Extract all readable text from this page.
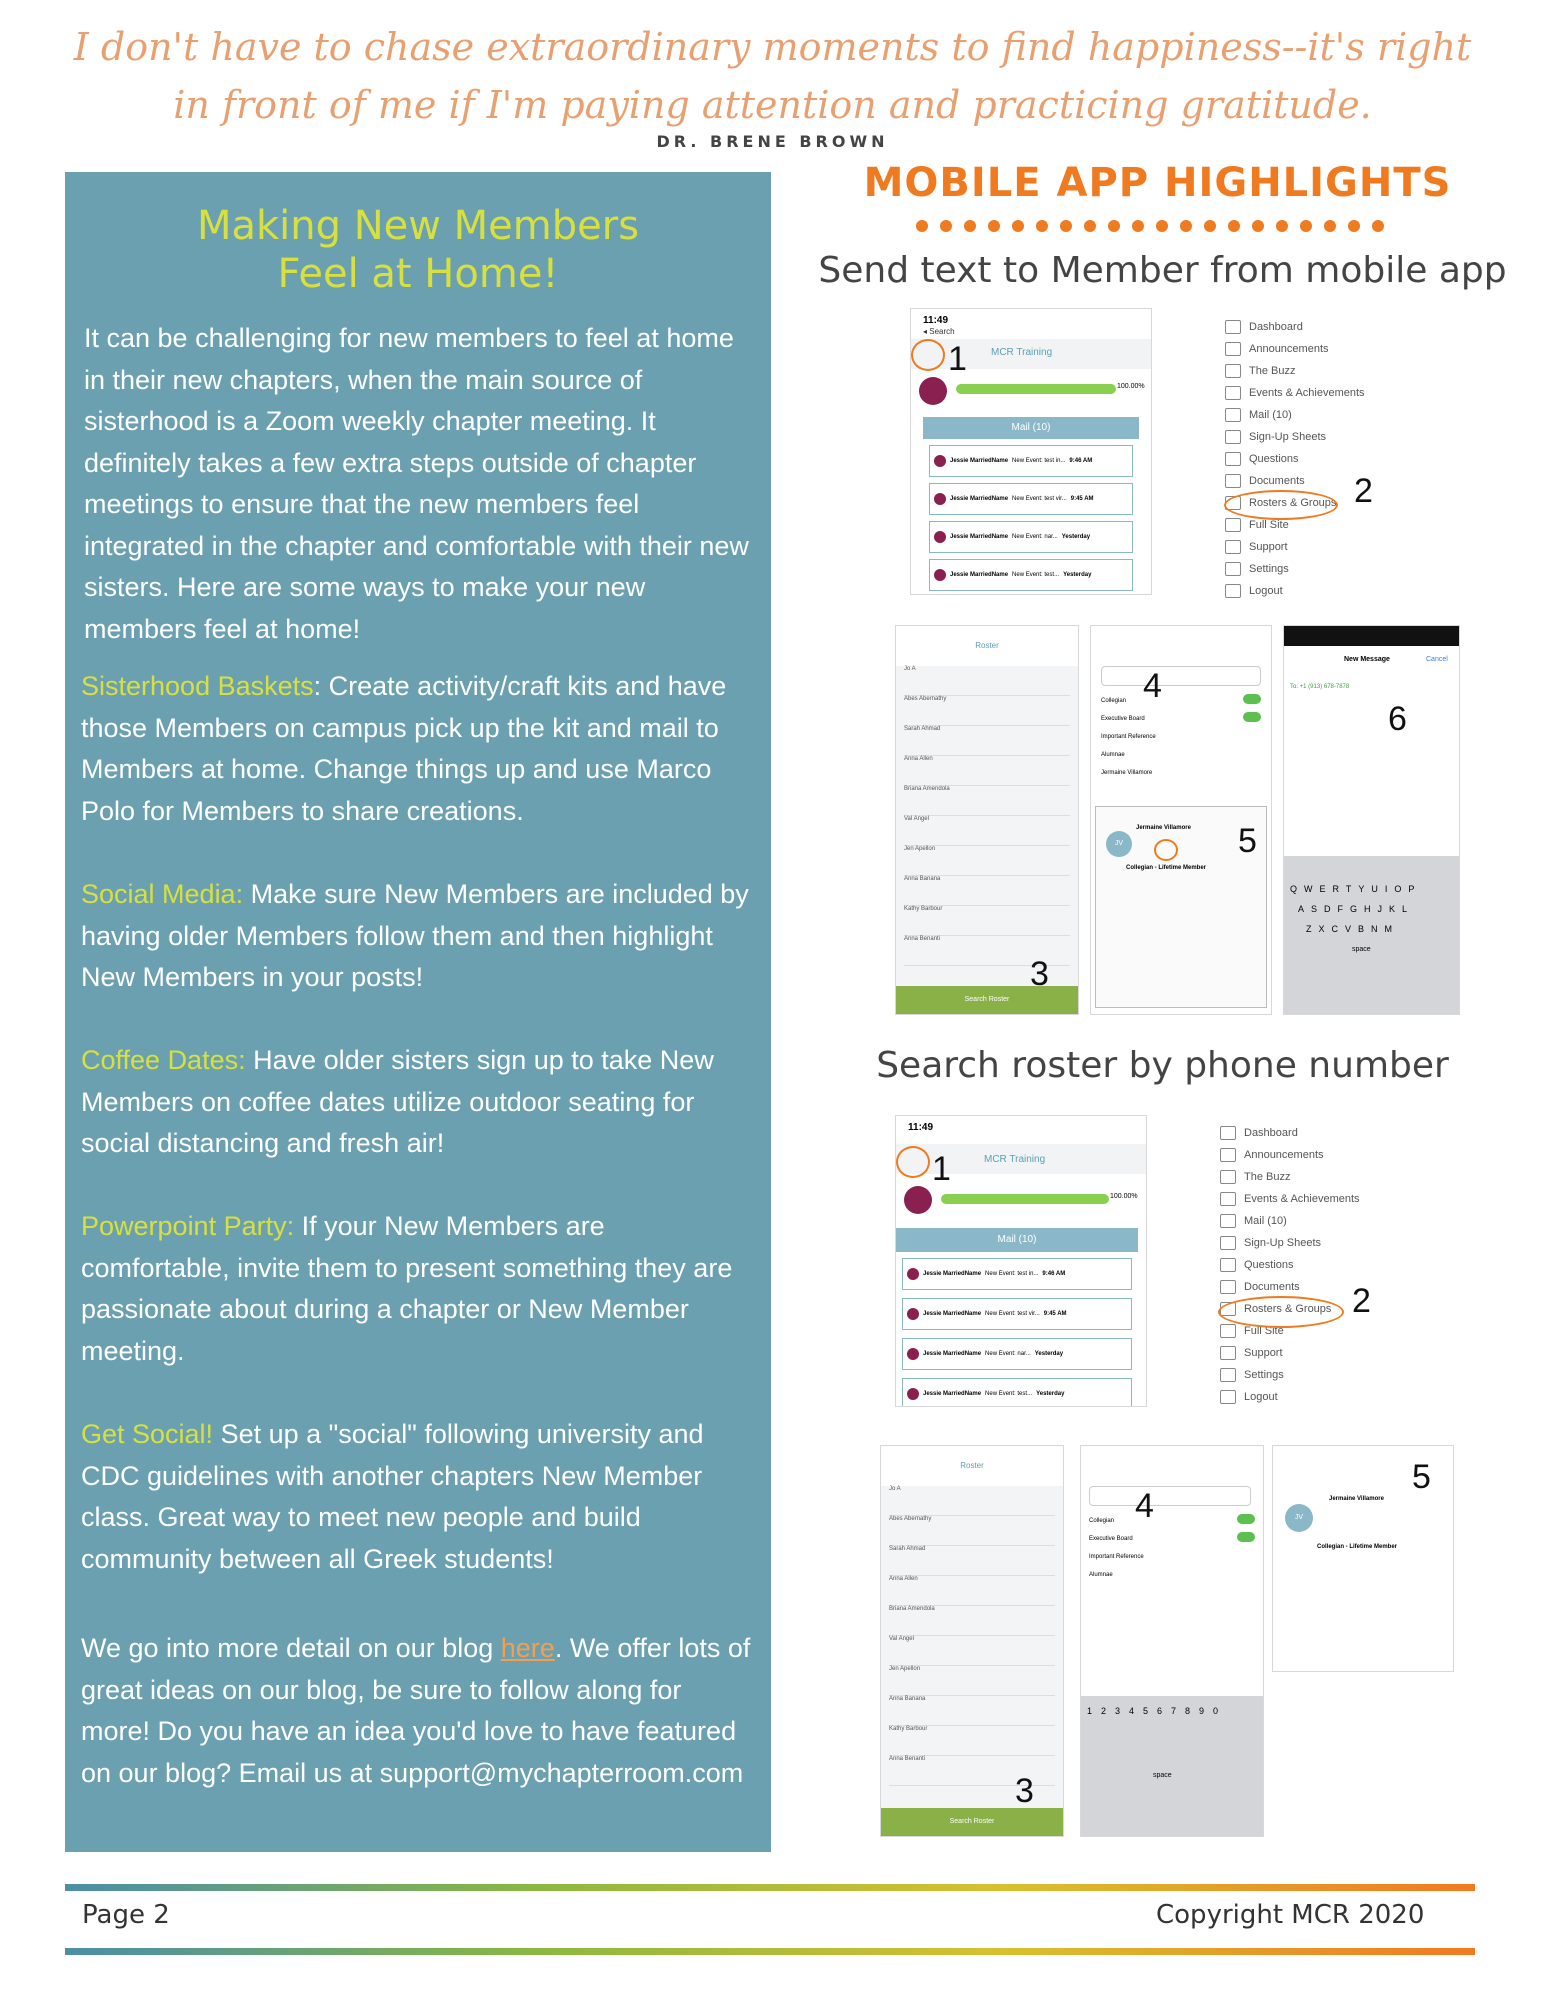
I don't have to chase extraordinary moments to find happiness--it's right
in front of me if I'm paying attention and practicing gratitude.
DR. BRENE BROWN
Making New Members
Feel at Home!
It can be challenging for new members to feel at home in their new chapters, when the main source of sisterhood is a Zoom weekly chapter meeting. It definitely takes a few extra steps outside of chapter meetings to ensure that the new members feel integrated in the chapter and comfortable with their new sisters. Here are some ways to make your new members feel at home!
Sisterhood Baskets: Create activity/craft kits and have those Members on campus pick up the kit and mail to Members at home. Change things up and use Marco Polo for Members to share creations.
Social Media: Make sure New Members are included by having older Members follow them and then highlight New Members in your posts!
Coffee Dates: Have older sisters sign up to take New Members on coffee dates utilize outdoor seating for social distancing and fresh air!
Powerpoint Party: If your New Members are comfortable, invite them to present something they are passionate about during a chapter or New Member meeting.
Get Social! Set up a "social" following university and CDC guidelines with another chapters New Member class. Great way to meet new people and build community between all Greek students!
We go into more detail on our blog here. We offer lots of great ideas on our blog, be sure to follow along for more! Do you have an idea you'd love to have featured on our blog? Email us at support@mychapterroom.com
MOBILE APP HIGHLIGHTS
Send text to Member from mobile app
Search roster by phone number
11:49
◂ Search
MCR Training
100.00%
Mail (10)
Jessie MarriedName New Event: test in... 9:46 AM
Jessie MarriedName New Event: test vir... 9:45 AM
Jessie MarriedName New Event: nar... Yesterday
Jessie MarriedName New Event: test... Yesterday
1
Dashboard
Announcements
The Buzz
Events & Achievements
Mail (10)
Sign-Up Sheets
Questions
Documents
Rosters & Groups
Full Site
Support
Settings
Logout
2
Roster
Jo A
Abes Abernathy
Sarah Ahmad
Anna Allen
Briana Amendola
Val Angel
Jen Apellon
Anna Banana
Kathy Barbour
Anna Benanti
Search Roster
3
Collegian
Executive Board
Important Reference
Alumnae
Jermaine Villamore
JV
Jermaine Villamore
Collegian - Lifetime Member
4
5
New Message	Cancel
To: +1 (913) 678-7878
QWERTYUIOP
ASDFGHJKL
ZXCVBNM
space
6
11:49
MCR Training
100.00%
Mail (10)
Jessie MarriedName New Event: test in... 9:46 AM
Jessie MarriedName New Event: test vir... 9:45 AM
Jessie MarriedName New Event: nar... Yesterday
Jessie MarriedName New Event: test... Yesterday
1
Dashboard
Announcements
The Buzz
Events & Achievements
Mail (10)
Sign-Up Sheets
Questions
Documents
Rosters & Groups
Full Site
Support
Settings
Logout
2
Roster
Jo A
Abes Abernathy
Sarah Ahmad
Anna Allen
Briana Amendola
Val Angel
Jen Apellon
Anna Banana
Kathy Barbour
Anna Benanti
Search Roster
3
Collegian
Executive Board
Important Reference
Alumnae
1234567890
space
4	JV
Jermaine Villamore
Collegian - Lifetime Member
5
Page 2	Copyright MCR 2020
